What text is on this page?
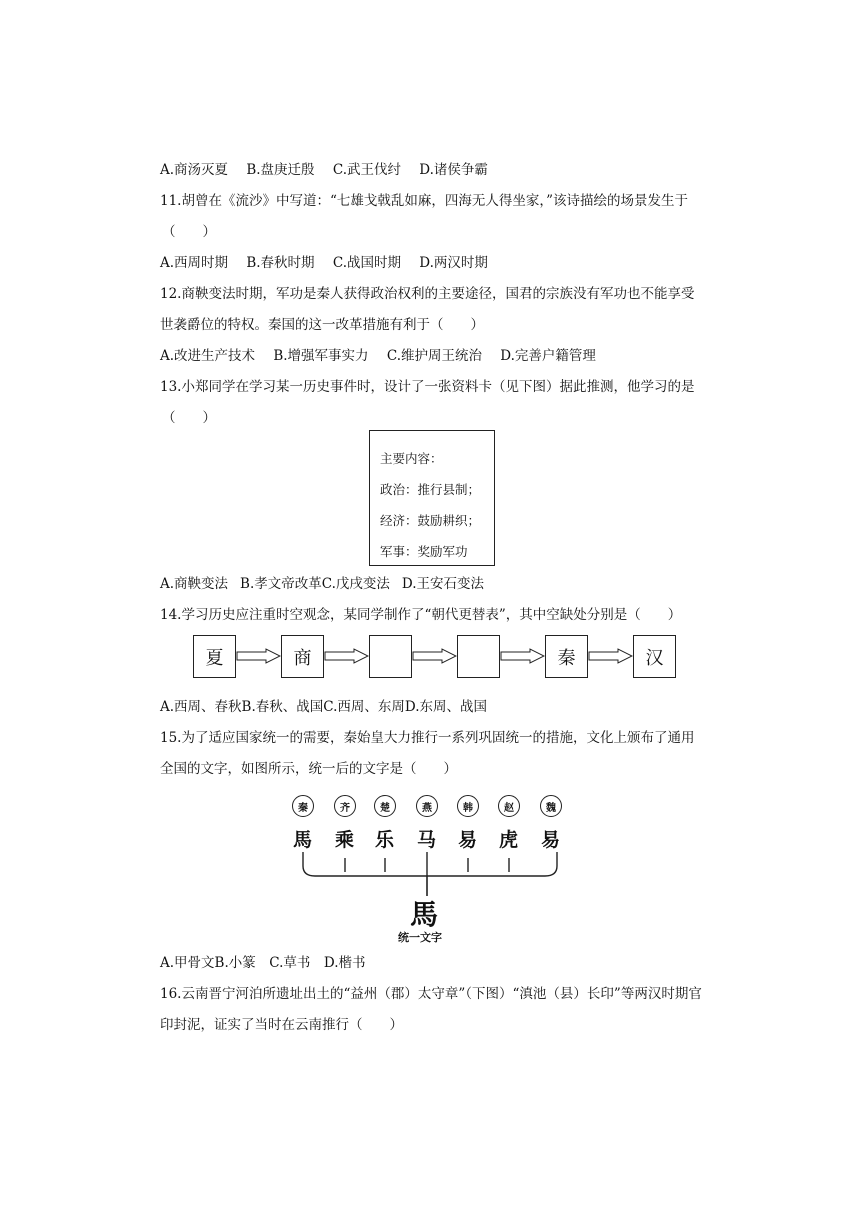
A.商汤灭夏 B.盘庚迁殷 C.武王伐纣 D.诸侯争霸
11.胡曾在《流沙》中写道：“七雄戈戟乱如麻，四海无人得坐家，”该诗描绘的场景发生于
（　　）
A.西周时期 B.春秋时期 C.战国时期 D.两汉时期
12.商鞅变法时期，军功是秦人获得政治权利的主要途径，国君的宗族没有军功也不能享受
世袭爵位的特权。秦国的这一改革措施有利于（　　）
A.改进生产技术 B.增强军事实力 C.维护周王统治 D.完善户籍管理
13.小郑同学在学习某一历史事件时，设计了一张资料卡（见下图）据此推测，他学习的是
（　　）
主要内容：
政治：推行县制；
经济：鼓励耕织；
军事：奖励军功
A.商鞅变法 B.孝文帝改革C.戊戌变法 D.王安石变法
14.学习历史应注重时空观念，某同学制作了“朝代更替表”，其中空缺处分别是（　　）
夏	商	秦	汉
A.西周、春秋B.春秋、战国C.西周、东周D.东周、战国
15.为了适应国家统一的需要，秦始皇大力推行一系列巩固统一的措施，文化上颁布了通用
全国的文字，如图所示，统一后的文字是（　　）
秦	齐	楚	燕	韩	赵	魏
馬 乘 乐 马 易 虎 易
馬
统一文字
A.甲骨文B.小篆　C.草书　D.楷书
16.云南晋宁河泊所遗址出土的“益州（郡）太守章”（下图）“滇池（县）长印”等两汉时期官
印封泥，证实了当时在云南推行（　　）
